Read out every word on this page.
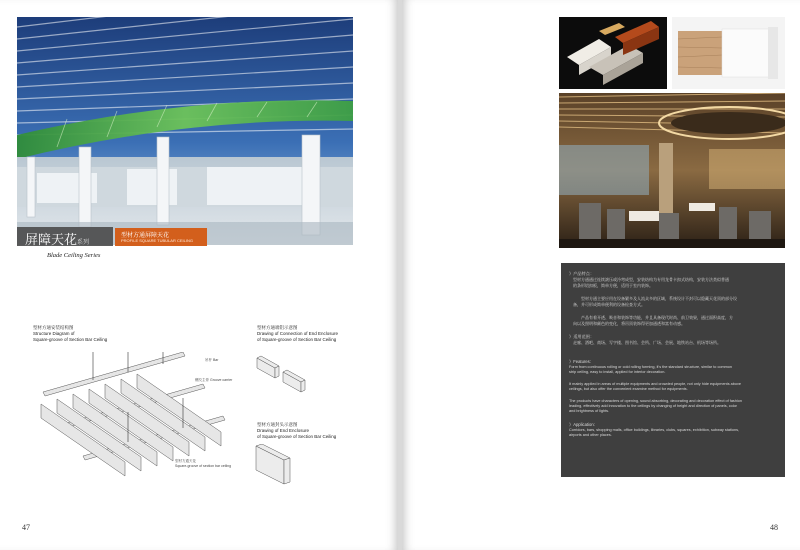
屏障天花系列
型材方通屏障天花
PROFILE SQUARE TUBULAR CEILING
Blade Ceiling Series
型材方通安装结构图
Structure Diagram of
Square-groove of Section Bar Ceiling
吊杆 Bar
螺纹主骨 Groove carrier
型材方通天花
Square-groove of section bar ceiling
型材方通端铝示意图
Drawing of Connection of End Enclosure
of Square-groove of Section Bar Ceiling
型材方通封头示意图
Drawing of End Enclosure
of Square-groove of Section Bar Ceiling
47
》产品特点：
型材方通通过连续滚压或冷弯成型，安装结构为专用龙骨卡扣式结构，安装方法类似普通
的条形铝扣板，简单方便，适用于室内装饰。
型材方通主要应用在设备繁多及人流众多的区域，系统设计不封可以隐藏天花顶的部分设
备，并可形成简单便利的设备检查方式。
产品有着开透、吸音和装饰等功能，并且具备现代时尚、前卫效果，通过面积高度，方
向以及照明和颜色的变化，将吊顶装饰得更加通透和富有动感。
》适用范围：
走廊、酒吧、商场、写字楼、图书馆、会所、广场、会展、地铁站台、机场等场所。
》Features:
Form from continuous rolling or cold rolling forming, it's the standard structure, similar to common
strip ceiling, easy to install, applied for interior decoration.
It mainly applied in areas of multiple equipments and crowded people, not only hide equipments above
ceilings, but also offer the convenient examine method for equipments.
The products have characters of opening, sound absorbing, decorating and decoration effect of fashion
leading, effectively add innovation to the ceilings by changing of height and direction of panels, color
and brightness of lights.
》Application:
Corridors, bars, shopping malls, office buildings, libraries, clubs, squares, exhibition, subway stations,
airports and other places.
48
